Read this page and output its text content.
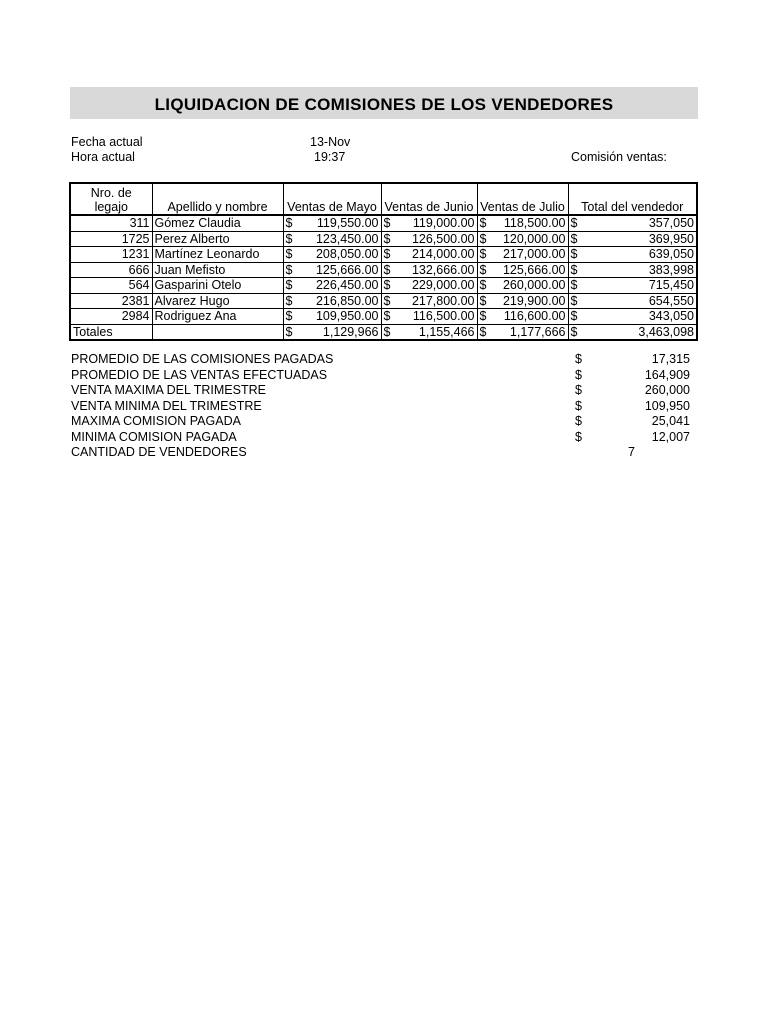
LIQUIDACION DE COMISIONES DE LOS VENDEDORES
Fecha actual	13-Nov
Hora actual	19:37	Comisión ventas:
Nro. de legajo	Apellido y nombre	Ventas de Mayo	Ventas de Junio	Ventas de Julio	Total del vendedor
311	Gómez Claudia	$ 119,550.00	$ 119,000.00	$ 118,500.00	$ 357,050

1725	Perez Alberto	$ 123,450.00	$ 126,500.00	$ 120,000.00	$ 369,950

1231	Martínez Leonardo	$ 208,050.00	$ 214,000.00	$ 217,000.00	$ 639,050

666	Juan Mefisto	$ 125,666.00	$ 132,666.00	$ 125,666.00	$ 383,998

564	Gasparini Otelo	$ 226,450.00	$ 229,000.00	$ 260,000.00	$ 715,450

2381	Alvarez Hugo	$ 216,850.00	$ 217,800.00	$ 219,900.00	$ 654,550

2984	Rodriguez Ana	$ 109,950.00	$ 116,500.00	$ 116,600.00	$ 343,050

Totales		$ 1,129,966	$ 1,155,466	$ 1,177,666	$ 3,463,098
PROMEDIO DE LAS COMISIONES PAGADAS	$	17,315
PROMEDIO DE LAS VENTAS EFECTUADAS	$	164,909
VENTA MAXIMA DEL TRIMESTRE	$	260,000
VENTA MINIMA DEL TRIMESTRE	$	109,950
MAXIMA COMISION PAGADA	$	25,041
MINIMA COMISION PAGADA	$	12,007
CANTIDAD DE VENDEDORES	7
